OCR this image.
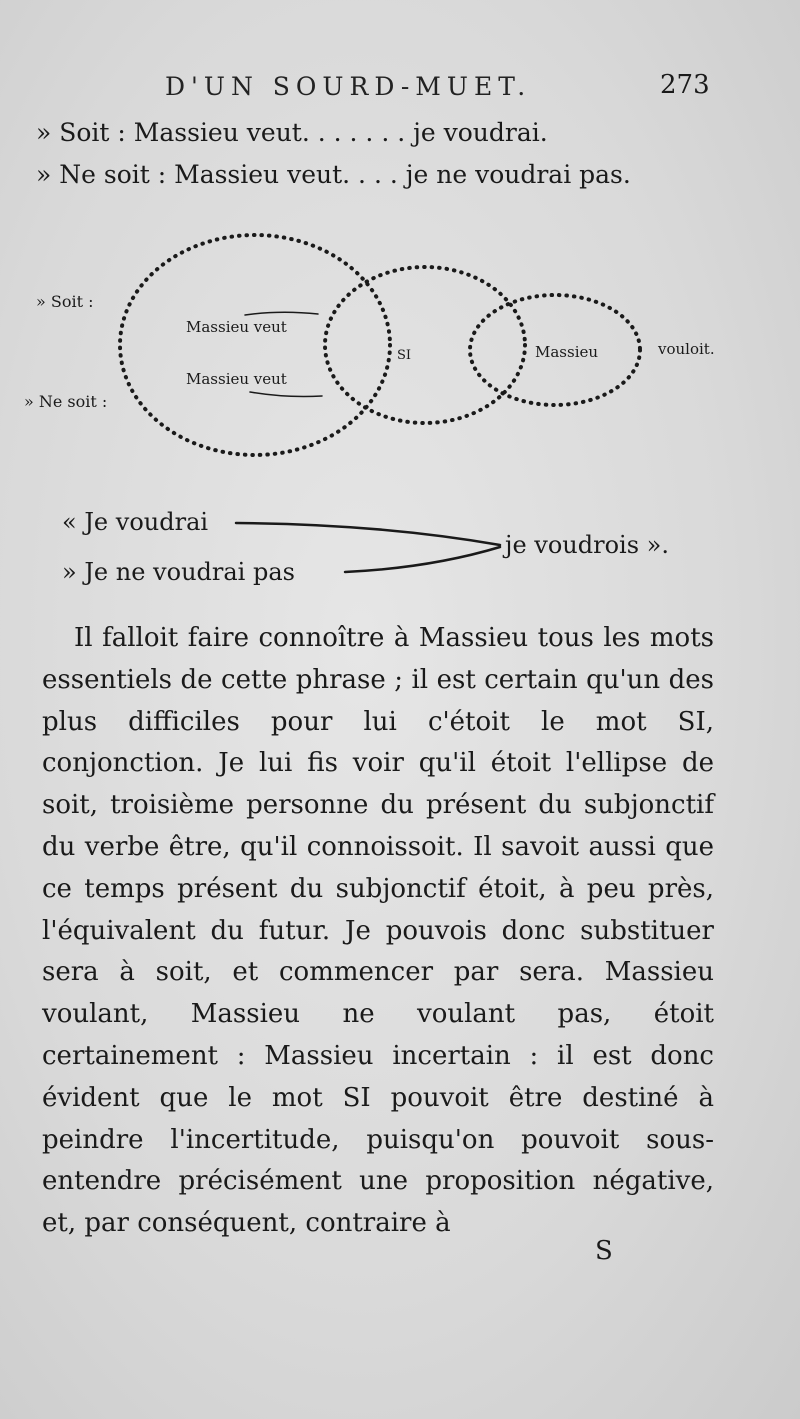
D'UN SOURD-MUET.	273
» Soit : Massieu veut. . . . . . . je voudrai.
» Ne soit : Massieu veut. . . . je ne voudrai pas.
» Soit :
» Ne soit :
Massieu veut
Massieu veut
SI	Massieu	vouloit.
« Je voudrai
» Je ne voudrai pas
je voudrois ».

Il falloit faire connoître à Massieu tous les mots essentiels de cette phrase ; il est certain qu'un des plus difficiles pour lui c'étoit le mot SI, conjonction. Je lui fis voir qu'il étoit l'ellipse de soit, troisième personne du présent du subjonctif du verbe être, qu'il connoissoit. Il savoit aussi que ce temps présent du subjonctif étoit, à peu près, l'équivalent du futur. Je pouvois donc substituer sera à soit, et commencer par sera. Massieu voulant, Massieu ne voulant pas, étoit certainement : Massieu incertain : il est donc évident que le mot SI pouvoit être destiné à peindre l'incertitude, puisqu'on pouvoit sous-entendre précisément une proposition négative, et, par conséquent, contraire à

S
